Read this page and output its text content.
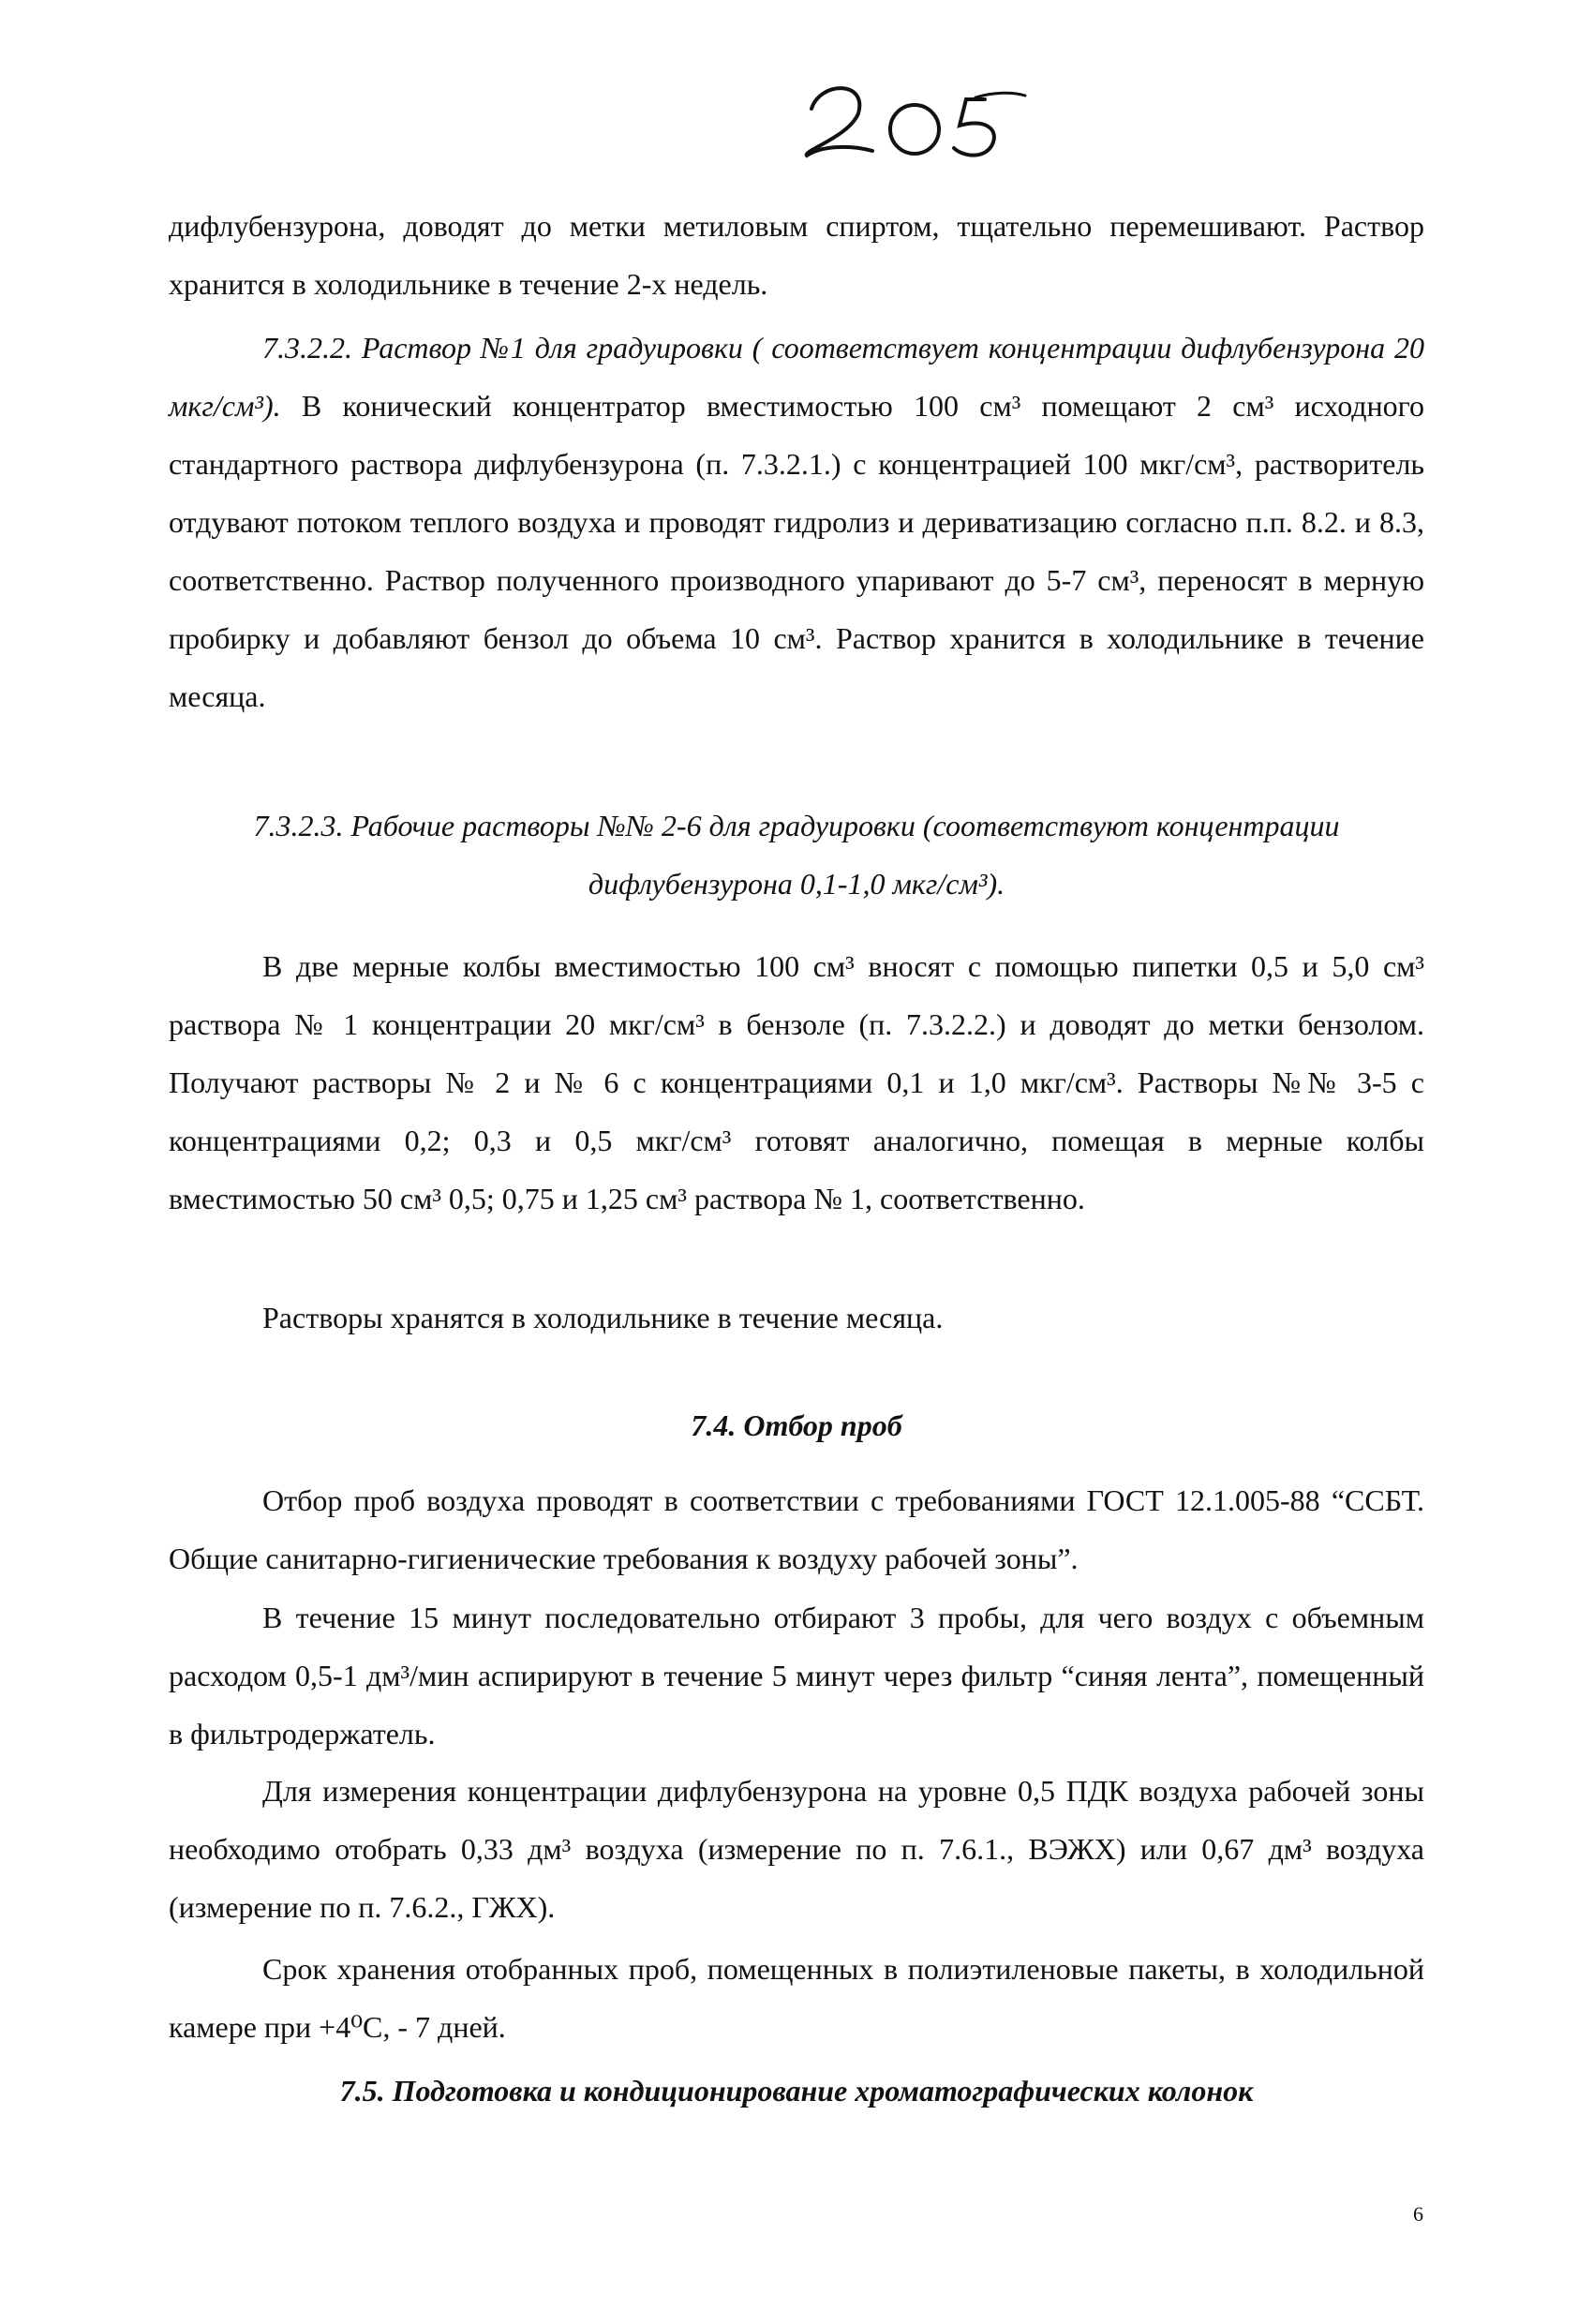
дифлубензурона, доводят до метки метиловым спиртом, тщательно перемешивают. Раствор хранится в холодильнике в течение 2-х недель.

7.3.2.2. Раствор №1 для градуировки ( соответствует концентрации дифлубензурона 20 мкг/см³). В конический концентратор вместимостью 100 см³ помещают 2 см³ исходного стандартного раствора дифлубензурона (п. 7.3.2.1.) с концентрацией 100 мкг/см³, растворитель отдувают потоком теплого воздуха и проводят гидролиз и дериватизацию согласно п.п. 8.2. и 8.3, соответственно. Раствор полученного производного упаривают до 5-7 см³, переносят в мерную пробирку и добавляют бензол до объема 10 см³. Раствор хранится в холодильнике в течение месяца.

7.3.2.3. Рабочие растворы №№ 2-6 для градуировки (соответствуют концентрации дифлубензурона 0,1-1,0 мкг/см³).

В две мерные колбы вместимостью 100 см³ вносят с помощью пипетки 0,5 и 5,0 см³ раствора № 1 концентрации 20 мкг/см³ в бензоле (п. 7.3.2.2.) и доводят до метки бензолом. Получают растворы № 2 и № 6 с концентрациями 0,1 и 1,0 мкг/см³. Растворы №№ 3-5 с концентрациями 0,2; 0,3 и 0,5 мкг/см³ готовят аналогично, помещая в мерные колбы вместимостью 50 см³ 0,5; 0,75 и 1,25 см³ раствора № 1, соответственно.

Растворы хранятся в холодильнике в течение месяца.

7.4. Отбор проб

Отбор проб воздуха проводят в соответствии с требованиями ГОСТ 12.1.005-88 “ССБТ. Общие санитарно-гигиенические требования к воздуху рабочей зоны”.

В течение 15 минут последовательно отбирают 3 пробы, для чего воздух с объемным расходом 0,5-1 дм³/мин аспирируют в течение 5 минут через фильтр “синяя лента”, помещенный в фильтродержатель.

Для измерения концентрации дифлубензурона на уровне 0,5 ПДК воздуха рабочей зоны необходимо отобрать 0,33 дм³ воздуха (измерение по п. 7.6.1., ВЭЖХ) или 0,67 дм³ воздуха (измерение по п. 7.6.2., ГЖХ).

Срок хранения отобранных проб, помещенных в полиэтиленовые пакеты, в холодильной камере при +4⁰С, - 7 дней.

7.5. Подготовка и кондиционирование хроматографических колонок

6
